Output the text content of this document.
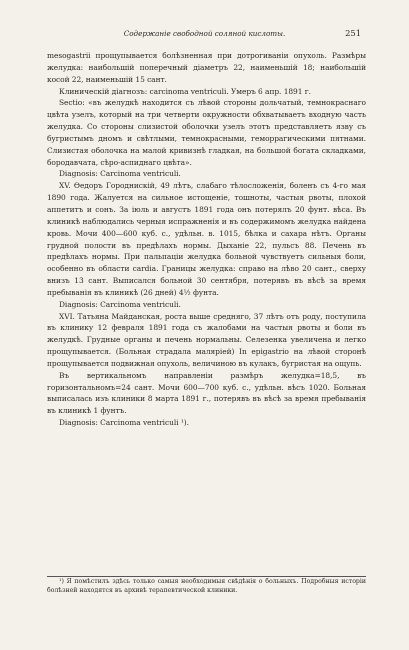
Содержаніе свободной соляной кислоты.	251

mesogastrii прощупывается болѣзненная при дотрогиваніи опухоль. Размѣры желудка: наибольшій поперечный діаметръ 22, наименьшій 18; наибольшій косой 22, наименьшій 15 сант.

Клиническій діагнозъ: carcinoma ventriculi. Умеръ 6 апр. 1891 г.

Sectio: «въ желудкѣ находится съ лѣвой стороны дольчатый, темнокраснаго цвѣта узелъ, который на три четверти окружности обхватываетъ входную часть желудка. Со стороны слизистой оболочки узелъ этотъ представляетъ язву съ бугристымъ дномъ и свѣтлыми, темнокрасными, геморрагическими пятнами. Слизистая оболочка на малой кривизнѣ гладкая, на большой богата складками, бородавчата, сѣро-аспиднаго цвѣта».

Diagnosis: Carcinoma ventriculi.

XV. Ѳедоръ Городнискій, 49 лѣтъ, слабаго тѣлосложенія, боленъ съ 4-го мая 1890 года. Жалуется на сильное истощеніе, тошноты, частыя рвоты, плохой аппетитъ и сонъ. За іюль и августъ 1891 года онъ потерялъ 20 фунт. вѣса. Въ клиникѣ наблюдались черныя испражненія и въ содержимомъ желудка найдена кровь. Мочи 400—600 куб. с., удѣльн. в. 1015, бѣлка и сахара нѣтъ. Органы грудной полости въ предѣлахъ нормы. Дыханіе 22, пульсъ 88. Печень въ предѣлахъ нормы. При пальпаціи желудка больной чувствуетъ сильныя боли, особенно въ области cardia. Границы желудка: справо на лѣво 20 сант., сверху внизъ 13 сант. Выписался больной 30 сентября, потерявъ въ вѣсѣ за время пребыванія въ клиникѣ (26 дней) 4½ фунта.

Diagnosis: Carcinoma ventriculi.

XVI. Татьяна Майданская, роста выше средняго, 37 лѣтъ отъ роду, поступила въ клинику 12 февраля 1891 года съ жалобами на частыя рвоты и боли въ желудкѣ. Грудные органы и печень нормальны. Селезенка увеличена и легко прощупывается. (Больная страдала маляріей) In epigastrio на лѣвой сторонѣ прощупывается подвижная опухоль, величиною въ кулакъ, бугристая на ощупь.

Въ вертикальномъ направленіи размѣръ желудка=18,5, въ горизонтальномъ=24 сант. Мочи 600—700 куб. с., удѣльн. вѣсъ 1020. Больная выписалась изъ клиники 8 марта 1891 г., потерявъ въ вѣсѣ за время пребыванія въ клиникѣ 1 фунтъ.

Diagnosis: Carcinoma ventriculi ¹).

¹) Я помѣстилъ здѣсь только самыя необходимыя свѣдѣнія о больныхъ. Подробныя исторіи болѣзней находятся въ архивѣ терапевтической клиники.
